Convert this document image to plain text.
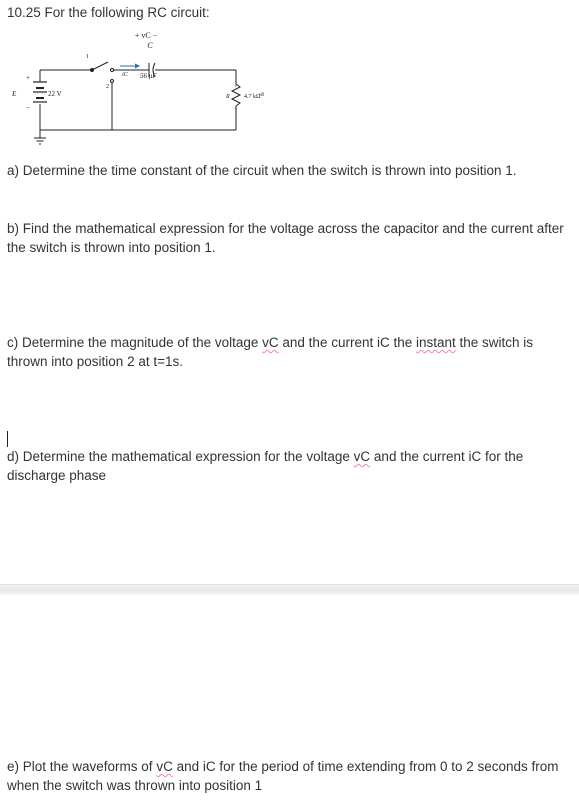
10.25 For the following RC circuit:
+ vC −
C
iC 56 μF
1
2
+
−
E	22 V	R 4.7 kΩ
+
vR
−
a) Determine the time constant of the circuit when the switch is thrown into position 1.
b) Find the mathematical expression for the voltage across the capacitor and the current after the switch is thrown into position 1.
c) Determine the magnitude of the voltage vC and the current iC the instant the switch is thrown into position 2 at t=1s.
d) Determine the mathematical expression for the voltage vC and the current iC for the discharge phase
e) Plot the waveforms of vC and iC for the period of time extending from 0 to 2 seconds from when the switch was thrown into position 1
